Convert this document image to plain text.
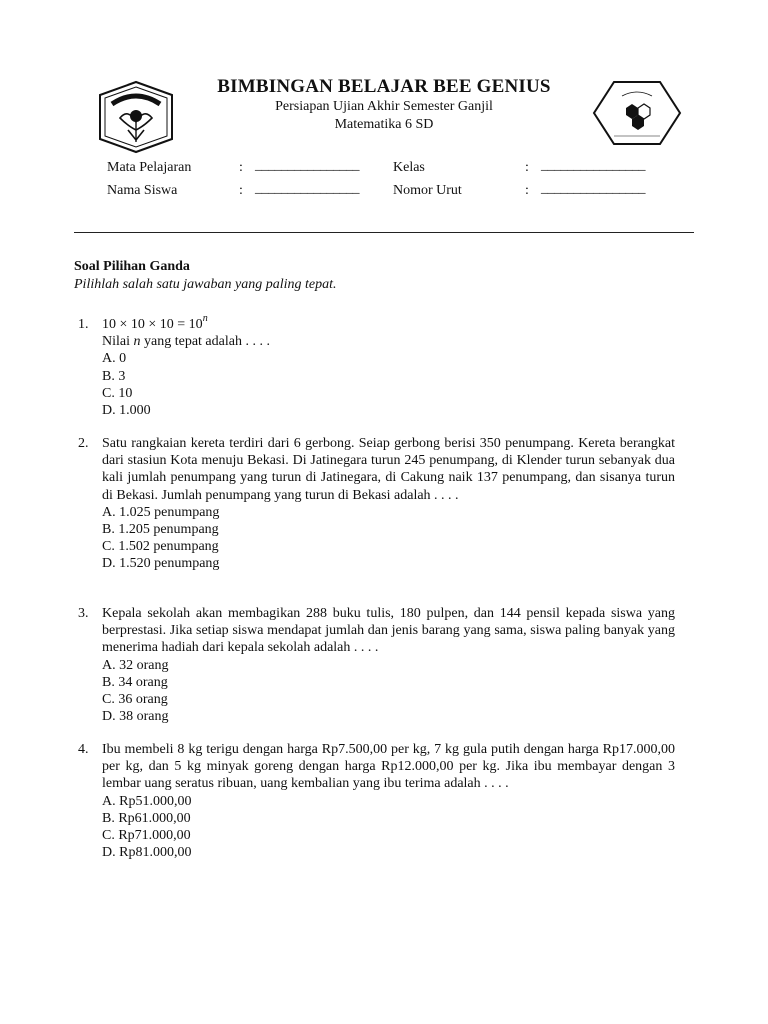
BIMBINGAN BELAJAR BEE GENIUS
Persiapan Ujian Akhir Semester Ganjil
Matematika 6 SD
Mata Pelajaran	: ________________ Kelas	: ________________
Nama Siswa	: ________________ Nomor Urut	: ________________
Soal Pilihan Ganda
Pilihlah salah satu jawaban yang paling tepat.
1. $10 \times 10 \times 10 = 10^n$
Nilai n yang tepat adalah . . . .
A. 0
B. 3
C. 10
D. 1.000
2. Satu rangkaian kereta terdiri dari 6 gerbong. Seiap gerbong berisi 350 penumpang. Kereta berangkat dari stasiun Kota menuju Bekasi. Di Jatinegara turun 245 penumpang, di Klender turun sebanyak dua kali jumlah penumpang yang turun di Jatinegara, di Cakung naik 137 penumpang, dan sisanya turun di Bekasi. Jumlah penumpang yang turun di Bekasi adalah . . . .
A. 1.025 penumpang
B. 1.205 penumpang
C. 1.502 penumpang
D. 1.520 penumpang
3. Kepala sekolah akan membagikan 288 buku tulis, 180 pulpen, dan 144 pensil kepada siswa yang berprestasi. Jika setiap siswa mendapat jumlah dan jenis barang yang sama, siswa paling banyak yang menerima hadiah dari kepala sekolah adalah . . . .
A. 32 orang
B. 34 orang
C. 36 orang
D. 38 orang
4. Ibu membeli 8 kg terigu dengan harga Rp7.500,00 per kg, 7 kg gula putih dengan harga Rp17.000,00 per kg, dan 5 kg minyak goreng dengan harga Rp12.000,00 per kg. Jika ibu membayar dengan 3 lembar uang seratus ribuan, uang kembalian yang ibu terima adalah . . . .
A. Rp51.000,00
B. Rp61.000,00
C. Rp71.000,00
D. Rp81.000,00
